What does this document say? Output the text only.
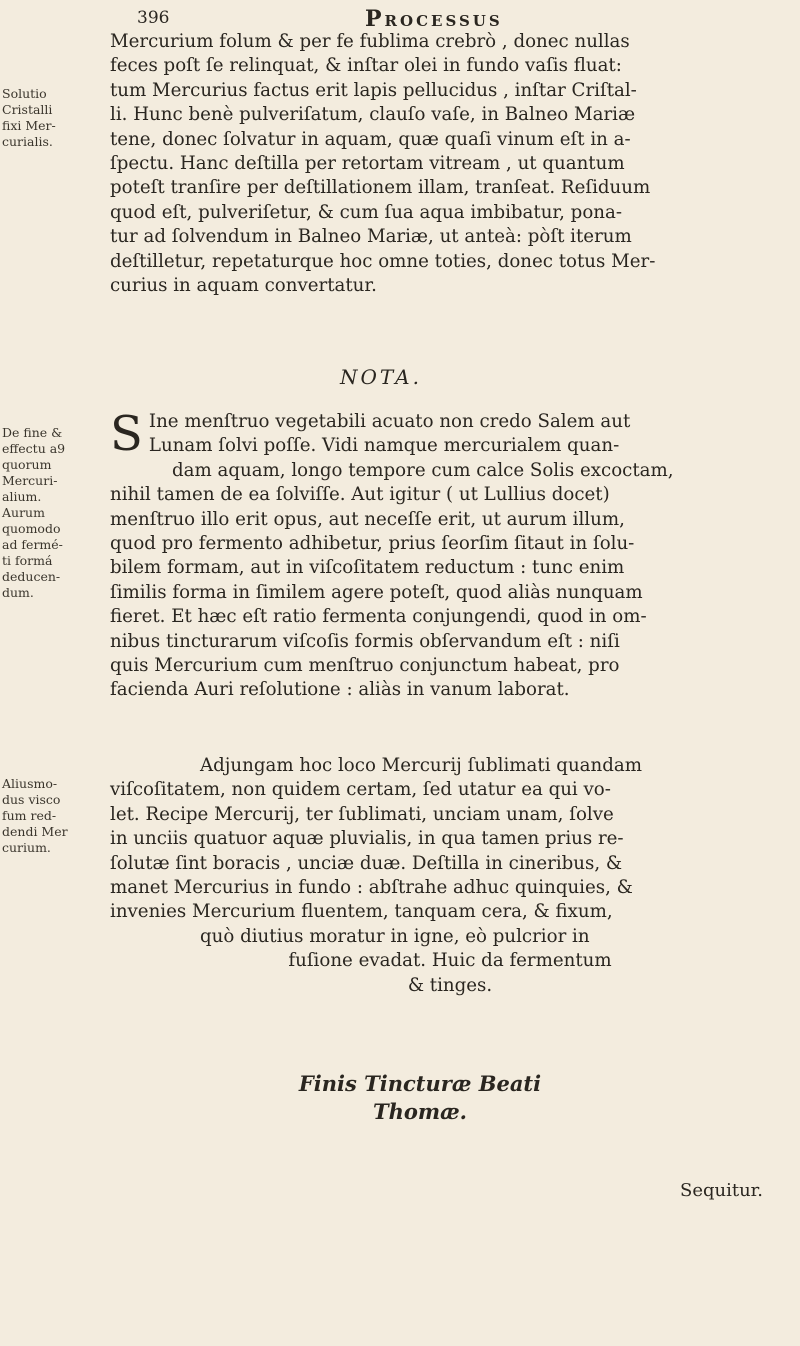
396	Processus
Solutio
Cristalli
fixi Mer-
curialis.
De fine &
effectu a9
quorum
Mercuri-
alium.
Aurum
quomodo
ad fermé-
ti formá
deducen-
dum.
Aliusmo-
dus visco
fum red-
dendi Mer
curium.
Mercurium folum & per fe fublima crebrò , donec nullas
feces poſt ſe relinquat, & inſtar olei in fundo vaſis fluat:
tum Mercurius factus erit lapis pellucidus , inſtar Criſtal-
li. Hunc benè pulveriſatum, clauſo vaſe, in Balneo Mariæ
tene, donec ſolvatur in aquam, quæ quaſi vinum eſt in a-
ſpectu. Hanc deſtilla per retortam vitream , ut quantum
poteſt tranſire per deſtillationem illam, tranſeat. Reſiduum
quod eſt, pulveriſetur, & cum ſua aqua imbibatur, pona-
tur ad ſolvendum in Balneo Mariæ, ut anteà: pòſt iterum
deſtilletur, repetaturque hoc omne toties, donec totus Mer-
curius in aquam convertatur.
NOTA.
S Ine menſtruo vegetabili acuato non credo Salem aut
Lunam ſolvi poſſe. Vidi namque mercurialem quan-
dam aquam, longo tempore cum calce Solis excoctam,
nihil tamen de ea ſolviſſe. Aut igitur ( ut Lullius docet)
menſtruo illo erit opus, aut neceſſe erit, ut aurum illum,
quod pro fermento adhibetur, prius ſeorſim ſitaut in ſolu-
bilem formam, aut in viſcoſitatem reductum : tunc enim
ſimilis forma in ſimilem agere poteſt, quod aliàs nunquam
fieret. Et hæc eſt ratio fermenta conjungendi, quod in om-
nibus tincturarum viſcoſis formis obſervandum eſt : niſi
quis Mercurium cum menſtruo conjunctum habeat, pro
facienda Auri reſolutione : aliàs in vanum laborat.
Adjungam hoc loco Mercurij ſublimati quandam
viſcoſitatem, non quidem certam, ſed utatur ea qui vo-
let. Recipe Mercurij, ter ſublimati, unciam unam, ſolve
in unciis quatuor aquæ pluvialis, in qua tamen prius re-
ſolutæ ſint boracis , unciæ duæ. Deſtilla in cineribus, &
manet Mercurius in fundo : abſtrahe adhuc quinquies, &
invenies Mercurium fluentem, tanquam cera, & fixum,
quò diutius moratur in igne, eò pulcrior in
fuſione evadat. Huic da fermentum
& tinges.
Finis Tincturæ Beati
Thomæ.
Sequitur.
